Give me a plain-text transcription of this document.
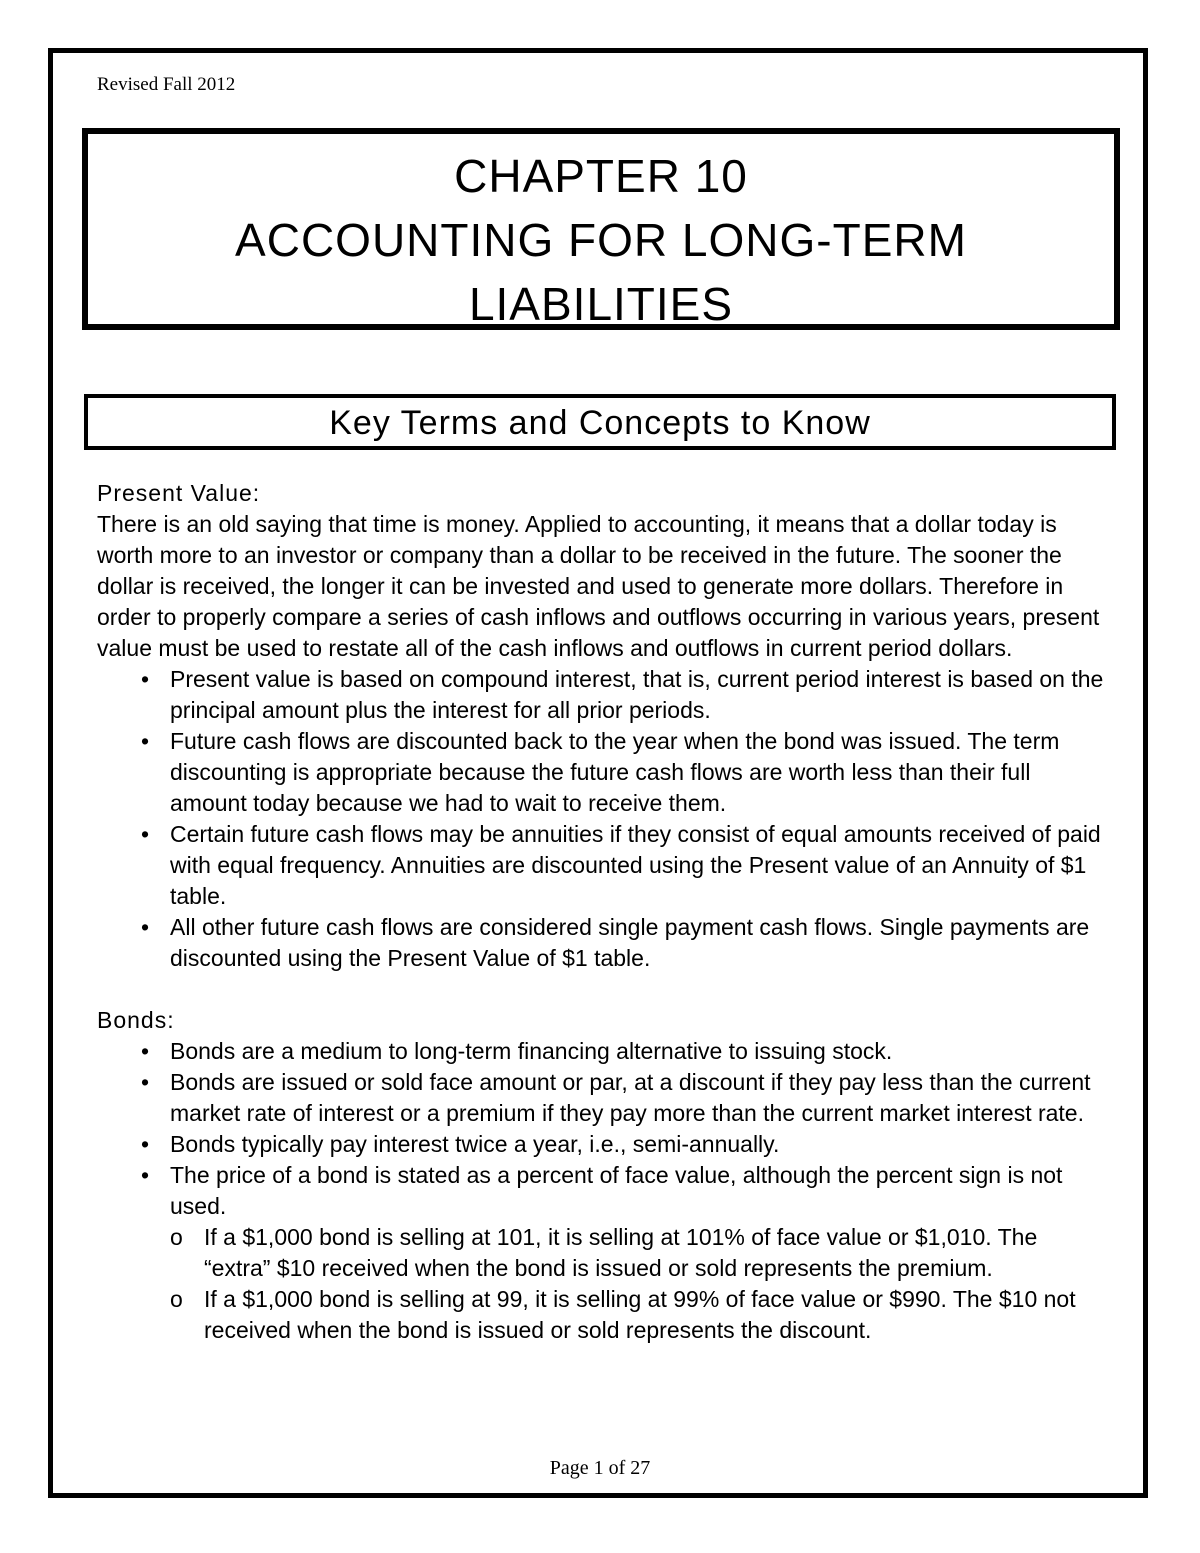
Revised Fall 2012
CHAPTER 10
ACCOUNTING FOR LONG-TERM
LIABILITIES
Key Terms and Concepts to Know

Present Value:

There is an old saying that time is money. Applied to accounting, it means that a dollar today is worth more to an investor or company than a dollar to be received in the future. The sooner the dollar is received, the longer it can be invested and used to generate more dollars. Therefore in order to properly compare a series of cash inflows and outflows occurring in various years, present value must be used to restate all of the cash inflows and outflows in current period dollars.

• Present value is based on compound interest, that is, current period interest is based on the principal amount plus the interest for all prior periods.
• Future cash flows are discounted back to the year when the bond was issued. The term discounting is appropriate because the future cash flows are worth less than their full amount today because we had to wait to receive them.
• Certain future cash flows may be annuities if they consist of equal amounts received of paid with equal frequency. Annuities are discounted using the Present value of an Annuity of $1 table.
• All other future cash flows are considered single payment cash flows. Single payments are discounted using the Present Value of $1 table.

Bonds:

• Bonds are a medium to long-term financing alternative to issuing stock.
• Bonds are issued or sold face amount or par, at a discount if they pay less than the current market rate of interest or a premium if they pay more than the current market interest rate.
• Bonds typically pay interest twice a year, i.e., semi-annually.
• The price of a bond is stated as a percent of face value, although the percent sign is not used.
o If a $1,000 bond is selling at 101, it is selling at 101% of face value or $1,010. The “extra” $10 received when the bond is issued or sold represents the premium.
o If a $1,000 bond is selling at 99, it is selling at 99% of face value or $990. The $10 not received when the bond is issued or sold represents the discount.
Page 1 of 27
